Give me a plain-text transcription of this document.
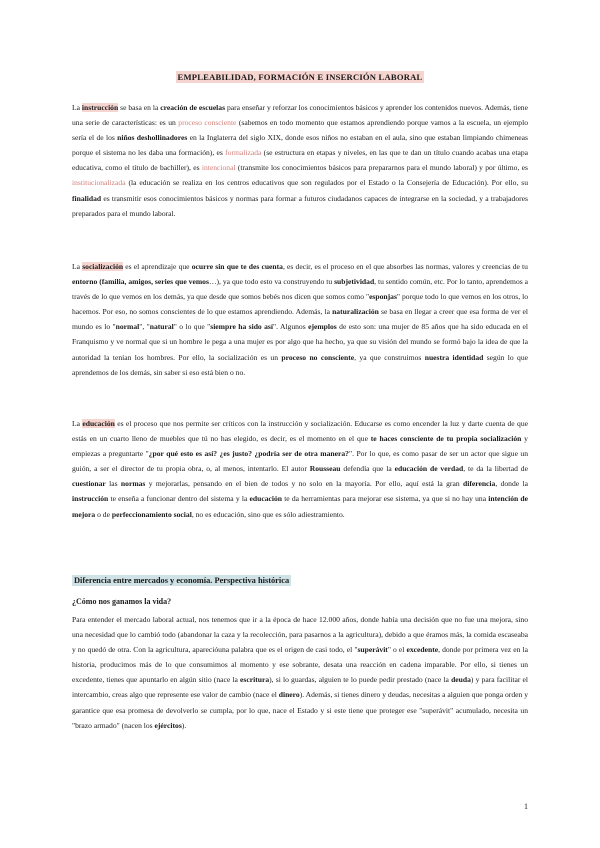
EMPLEABILIDAD, FORMACIÓN E INSERCIÓN LABORAL

La instrucción se basa en la creación de escuelas para enseñar y reforzar los conocimientos básicos y aprender los contenidos nuevos. Además, tiene una serie de características: es un proceso consciente (sabemos en todo momento que estamos aprendiendo porque vamos a la escuela, un ejemplo sería el de los niños deshollinadores en la Inglaterra del siglo XIX, donde esos niños no estaban en el aula, sino que estaban limpiando chimeneas porque el sistema no les daba una formación), es formalizada (se estructura en etapas y niveles, en las que te dan un título cuando acabas una etapa educativa, como el título de bachiller), es intencional (transmite los conocimientos básicos para prepararnos para el mundo laboral) y por último, es institucionalizada (la educación se realiza en los centros educativos que son regulados por el Estado o la Consejería de Educación). Por ello, su finalidad es transmitir esos conocimientos básicos y normas para formar a futuros ciudadanos capaces de integrarse en la sociedad, y a trabajadores preparados para el mundo laboral.

La socialización es el aprendizaje que ocurre sin que te des cuenta, es decir, es el proceso en el que absorbes las normas, valores y creencias de tu entorno (familia, amigos, series que vemos…), ya que todo esto va construyendo tu subjetividad, tu sentido común, etc. Por lo tanto, aprendemos a través de lo que vemos en los demás, ya que desde que somos bebés nos dicen que somos como "esponjas" porque todo lo que vemos en los otros, lo hacemos. Por eso, no somos conscientes de lo que estamos aprendiendo. Además, la naturalización se basa en llegar a creer que esa forma de ver el mundo es lo "normal", "natural" o lo que "siempre ha sido así". Algunos ejemplos de esto son: una mujer de 85 años que ha sido educada en el Franquismo y ve normal que si un hombre le pega a una mujer es por algo que ha hecho, ya que su visión del mundo se formó bajo la idea de que la autoridad la tenían los hombres. Por ello, la socialización es un proceso no consciente, ya que construimos nuestra identidad según lo que aprendemos de los demás, sin saber si eso está bien o no.

La educación es el proceso que nos permite ser críticos con la instrucción y socialización. Educarse es como encender la luz y darte cuenta de que estás en un cuarto lleno de muebles que tú no has elegido, es decir, es el momento en el que te haces consciente de tu propia socialización y empiezas a preguntarte "¿por qué esto es así? ¿es justo? ¿podría ser de otra manera?". Por lo que, es como pasar de ser un actor que sigue un guión, a ser el director de tu propia obra, o, al menos, intentarlo. El autor Rousseau defendía que la educación de verdad, te da la libertad de cuestionar las normas y mejorarlas, pensando en el bien de todos y no solo en la mayoría. Por ello, aquí está la gran diferencia, donde la instrucción te enseña a funcionar dentro del sistema y la educación te da herramientas para mejorar ese sistema, ya que si no hay una intención de mejora o de perfeccionamiento social, no es educación, sino que es sólo adiestramiento.

Diferencia entre mercados y economía. Perspectiva histórica
¿Cómo nos ganamos la vida?

Para entender el mercado laboral actual, nos tenemos que ir a la época de hace 12.000 años, donde había una decisión que no fue una mejora, sino una necesidad que lo cambió todo (abandonar la caza y la recolección, para pasarnos a la agricultura), debido a que éramos más, la comida escaseaba y no quedó de otra. Con la agricultura, aparecióuna palabra que es el origen de casi todo, el "superávit" o el excedente, donde por primera vez en la historia, producimos más de lo que consumimos al momento y ese sobrante, desata una reacción en cadena imparable. Por ello, si tienes un excedente, tienes que apuntarlo en algún sitio (nace la escritura), si lo guardas, alguien te lo puede pedir prestado (nace la deuda) y para facilitar el intercambio, creas algo que represente ese valor de cambio (nace el dinero). Además, si tienes dinero y deudas, necesitas a alguien que ponga orden y garantice que esa promesa de devolverlo se cumpla, por lo que, nace el Estado y si este tiene que proteger ese "superávit" acumulado, necesita un "brazo armado" (nacen los ejércitos).

1
